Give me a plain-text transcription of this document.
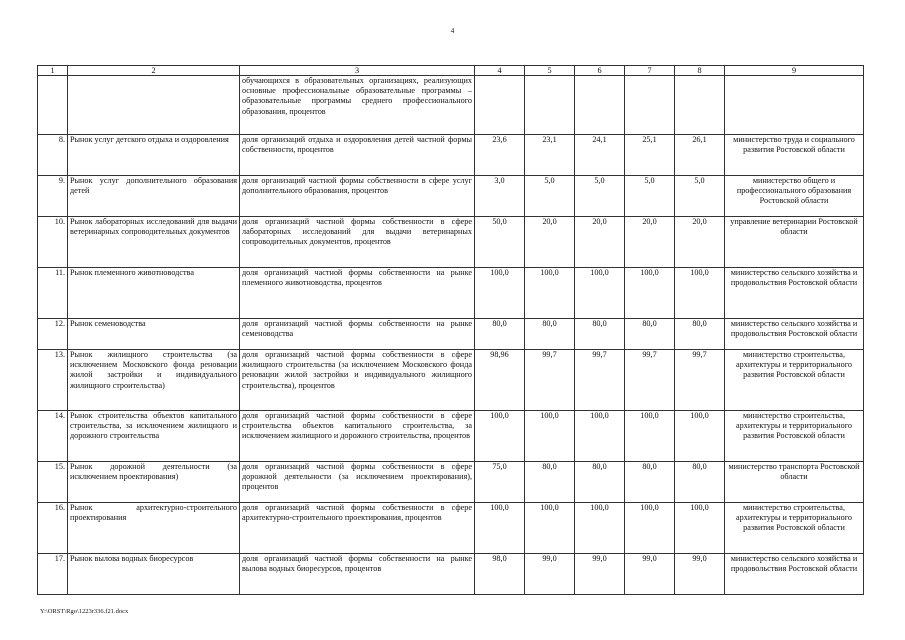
4
1	2	3	4	5	6	7	8	9
		обучающихся в образовательных организациях, реализующих основные профессиональные образовательные программы – образовательные программы среднего профессионального образования, процентов						
8.	Рынок услуг детского отдыха и оздоровления	доля организаций отдыха и оздоровления детей частной формы собственности, процентов	23,6	23,1	24,1	25,1	26,1	министерство труда и социального развития Ростовской области
9.	Рынок услуг дополнительного образования детей	доля организаций частной формы собственности в сфере услуг дополнительного образования, процентов	3,0	5,0	5,0	5,0	5,0	министерство общего и профессионального образования Ростовской области
10.	Рынок лабораторных исследований для выдачи ветеринарных сопроводительных документов	доля организаций частной формы собственности в сфере лабораторных исследований для выдачи ветеринарных сопроводительных документов, процентов	50,0	20,0	20,0	20,0	20,0	управление ветеринарии Ростовской области
11.	Рынок племенного животноводства	доля организаций частной формы собственности на рынке племенного животноводства, процентов	100,0	100,0	100,0	100,0	100,0	министерство сельского хозяйства и продовольствия Ростовской области
12.	Рынок семеноводства	доля организаций частной формы собственности на рынке семеноводства	80,0	80,0	80,0	80,0	80,0	министерство сельского хозяйства и продовольствия Ростовской области
13.	Рынок жилищного строительства (за исключением Московского фонда реновации жилой застройки и индивидуального жилищного строительства)	доля организаций частной формы собственности в сфере жилищного строительства (за исключением Московского фонда реновации жилой застройки и индивидуального жилищного строительства), процентов	98,96	99,7	99,7	99,7	99,7	министерство строительства, архитектуры и территориального развития Ростовской области
14.	Рынок строительства объектов капитального строительства, за исключением жилищного и дорожного строительства	доля организаций частной формы собственности в сфере строительства объектов капитального строительства, за исключением жилищного и дорожного строительства, процентов	100,0	100,0	100,0	100,0	100,0	министерство строительства, архитектуры и территориального развития Ростовской области
15.	Рынок дорожной деятельности (за исключением проектирования)	доля организаций частной формы собственности в сфере дорожной деятельности (за исключением проектирования), процентов	75,0	80,0	80,0	80,0	80,0	министерство транспорта Ростовской области
16.	Рынок архитектурно-строительного проектирования	доля организаций частной формы собственности в сфере архитектурно-строительного проектирования, процентов	100,0	100,0	100,0	100,0	100,0	министерство строительства, архитектуры и территориального развития Ростовской области
17.	Рынок вылова водных биоресурсов	доля организаций частной формы собственности на рынке вылова водных биоресурсов, процентов	98,0	99,0	99,0	99,0	99,0	министерство сельского хозяйства и продовольствия Ростовской области
Y:\ORST\Rgo\1223r336.f21.docx
